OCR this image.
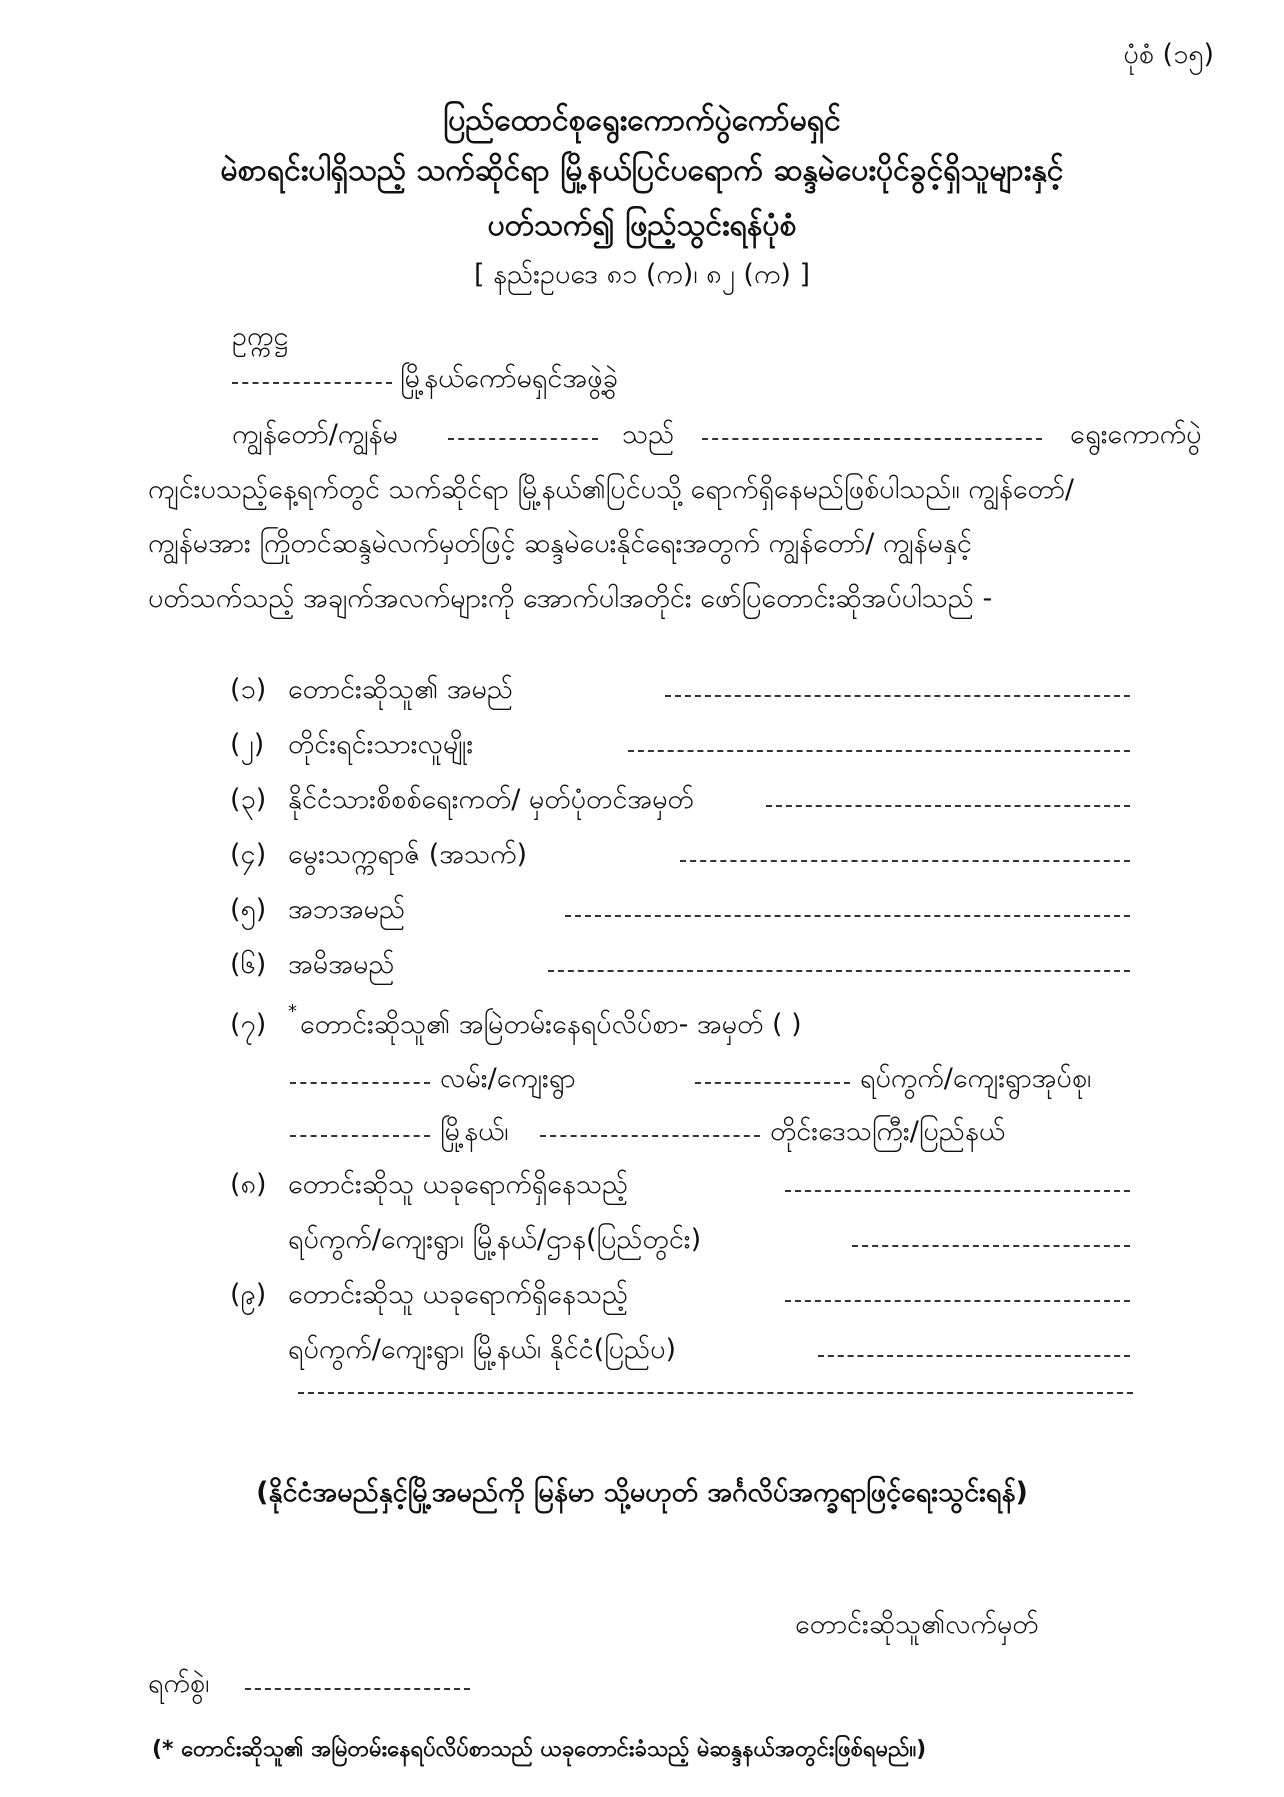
ပုံစံ (၁၅)
ပြည်ထောင်စုရွေးကောက်ပွဲကော်မရှင်
မဲစာရင်းပါရှိသည့် သက်ဆိုင်ရာ မြို့နယ်ပြင်ပရောက် ဆန္ဒမဲပေးပိုင်ခွင့်ရှိသူများနှင့်
ပတ်သက်၍ ဖြည့်သွင်းရန်ပုံစံ
[ နည်းဥပဒေ ၈၁ (က)၊ ၈၂ (က) ]
ဥက္ကဋ္ဌ
မြို့နယ်ကော်မရှင်အဖွဲ့ခွဲ
ကျွန်တော်/ကျွန်မ	သည်	ရွေးကောက်ပွဲ
ကျင်းပသည့်နေ့ရက်တွင် သက်ဆိုင်ရာ မြို့နယ်၏ပြင်ပသို့ ရောက်ရှိနေမည်ဖြစ်ပါသည်။ ကျွန်တော်/
ကျွန်မအား ကြိုတင်ဆန္ဒမဲလက်မှတ်ဖြင့် ဆန္ဒမဲပေးနိုင်ရေးအတွက် ကျွန်တော်/ ကျွန်မနှင့်
ပတ်သက်သည့် အချက်အလက်များကို အောက်ပါအတိုင်း ဖော်ပြတောင်းဆိုအပ်ပါသည် -
(၁) တောင်းဆိုသူ၏ အမည်
(၂) တိုင်းရင်းသားလူမျိုး
(၃) နိုင်ငံသားစိစစ်ရေးကတ်/ မှတ်ပုံတင်အမှတ်
(၄) မွေးသက္ကရာဇ် (အသက်)
(၅) အဘအမည်
(၆) အမိအမည်
(၇) * တောင်းဆိုသူ၏ အမြဲတမ်းနေရပ်လိပ်စာ- အမှတ် ( )
လမ်း/ကျေးရွာ	ရပ်ကွက်/ကျေးရွာအုပ်စု၊
မြို့နယ်၊	တိုင်းဒေသကြီး/ပြည်နယ်
(၈) တောင်းဆိုသူ ယခုရောက်ရှိနေသည့်
ရပ်ကွက်/ကျေးရွာ၊ မြို့နယ်/ဌာန(ပြည်တွင်း)
(၉) တောင်းဆိုသူ ယခုရောက်ရှိနေသည့်
ရပ်ကွက်/ကျေးရွာ၊ မြို့နယ်၊ နိုင်ငံ(ပြည်ပ)
(နိုင်ငံအမည်နှင့်မြို့အမည်ကို မြန်မာ သို့မဟုတ် အင်္ဂလိပ်အက္ခရာဖြင့်ရေးသွင်းရန်)
တောင်းဆိုသူ၏လက်မှတ်
ရက်စွဲ၊
(* တောင်းဆိုသူ၏ အမြဲတမ်းနေရပ်လိပ်စာသည် ယခုတောင်းခံသည့် မဲဆန္ဒနယ်အတွင်းဖြစ်ရမည်။)
